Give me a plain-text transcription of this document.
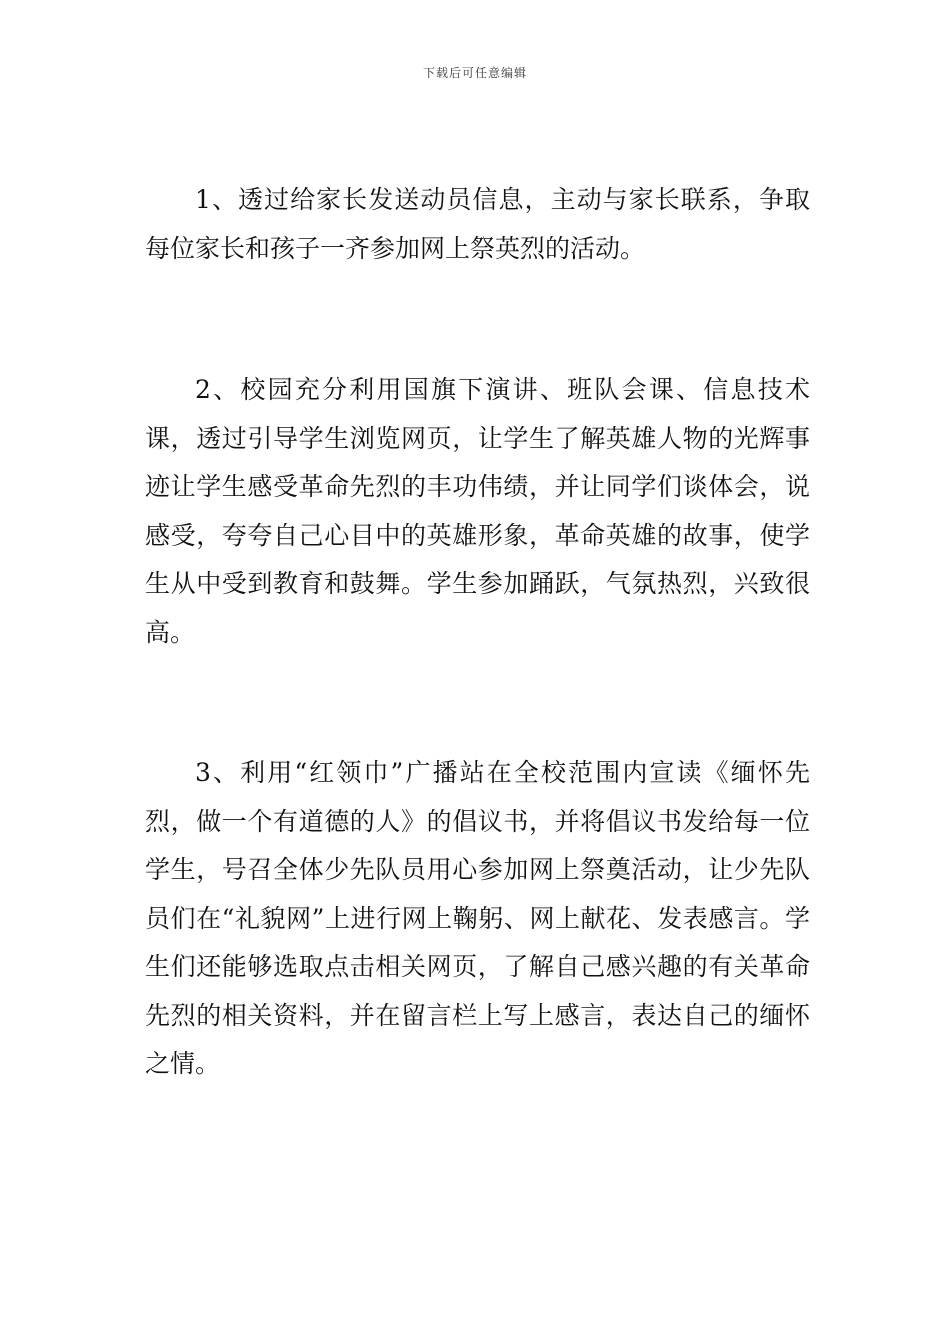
下载后可任意编辑

1、透过给家长发送动员信息，主动与家长联系，争取每位家长和孩子一齐参加网上祭英烈的活动。

2、校园充分利用国旗下演讲、班队会课、信息技术课，透过引导学生浏览网页，让学生了解英雄人物的光辉事迹让学生感受革命先烈的丰功伟绩，并让同学们谈体会，说感受，夸夸自己心目中的英雄形象，革命英雄的故事，使学生从中受到教育和鼓舞。学生参加踊跃，气氛热烈，兴致很高。

3、利用“红领巾”广播站在全校范围内宣读《缅怀先烈，做一个有道德的人》的倡议书，并将倡议书发给每一位学生，号召全体少先队员用心参加网上祭奠活动，让少先队员们在“礼貌网”上进行网上鞠躬、网上献花、发表感言。学生们还能够选取点击相关网页，了解自己感兴趣的有关革命先烈的相关资料，并在留言栏上写上感言，表达自己的缅怀之情。
